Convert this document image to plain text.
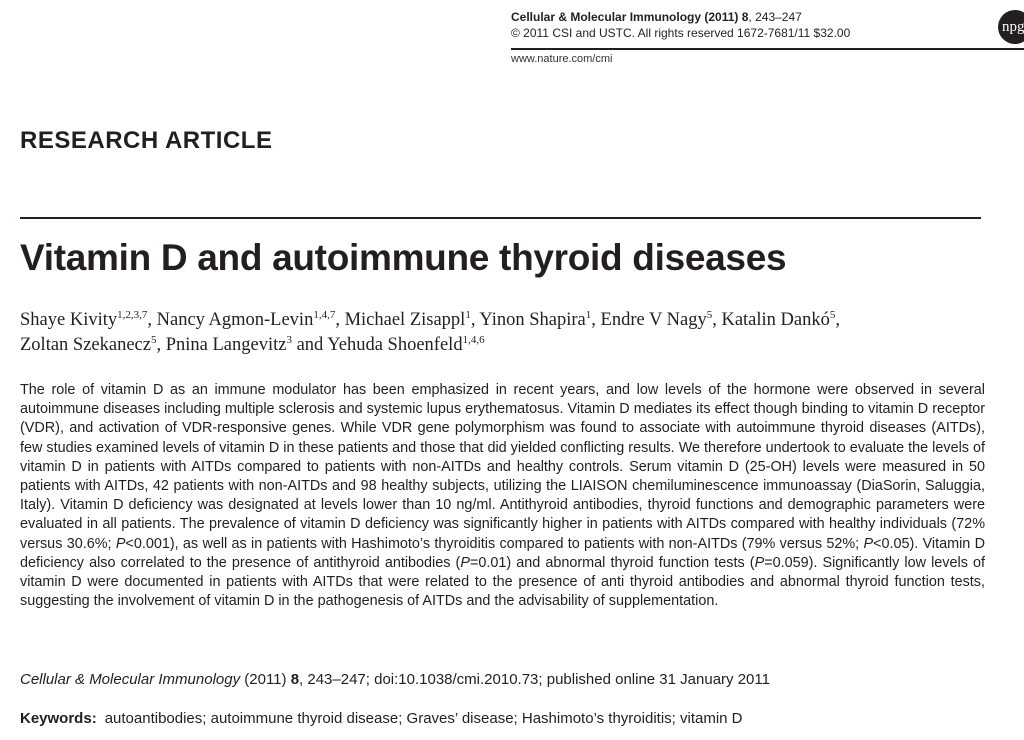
Cellular & Molecular Immunology (2011) 8, 243–247
© 2011 CSI and USTC. All rights reserved 1672-7681/11 $32.00
www.nature.com/cmi
npg
RESEARCH ARTICLE
Vitamin D and autoimmune thyroid diseases
Shaye Kivity$^{1,2,3,7}$, Nancy Agmon-Levin$^{1,4,7}$, Michael Zisappl$^1$, Yinon Shapira$^1$, Endre V Nagy$^5$, Katalin Dankó$^5$,
Zoltan Szekanecz$^5$, Pnina Langevitz$^3$ and Yehuda Shoenfeld$^{1,4,6}$
The role of vitamin D as an immune modulator has been emphasized in recent years, and low levels of the hormone were observed in several autoimmune diseases including multiple sclerosis and systemic lupus erythematosus. Vitamin D mediates its effect though binding to vitamin D receptor (VDR), and activation of VDR-responsive genes. While VDR gene polymorphism was found to associate with autoimmune thyroid diseases (AITDs), few studies examined levels of vitamin D in these patients and those that did yielded conflicting results. We therefore undertook to evaluate the levels of vitamin D in patients with AITDs compared to patients with non-AITDs and healthy controls. Serum vitamin D (25-OH) levels were measured in 50 patients with AITDs, 42 patients with non-AITDs and 98 healthy subjects, utilizing the LIAISON chemiluminescence immunoassay (DiaSorin, Saluggia, Italy). Vitamin D deficiency was designated at levels lower than 10 ng/ml. Antithyroid antibodies, thyroid functions and demographic parameters were evaluated in all patients. The prevalence of vitamin D deficiency was significantly higher in patients with AITDs compared with healthy individuals (72% versus 30.6%; P<0.001), as well as in patients with Hashimoto’s thyroiditis compared to patients with non-AITDs (79% versus 52%; P<0.05). Vitamin D deficiency also correlated to the presence of antithyroid antibodies (P=0.01) and abnormal thyroid function tests (P=0.059). Significantly low levels of vitamin D were documented in patients with AITDs that were related to the presence of anti thyroid antibodies and abnormal thyroid function tests, suggesting the involvement of vitamin D in the pathogenesis of AITDs and the advisability of supplementation.
Cellular & Molecular Immunology (2011) 8, 243–247; doi:10.1038/cmi.2010.73; published online 31 January 2011
Keywords: autoantibodies; autoimmune thyroid disease; Graves’ disease; Hashimoto’s thyroiditis; vitamin D
